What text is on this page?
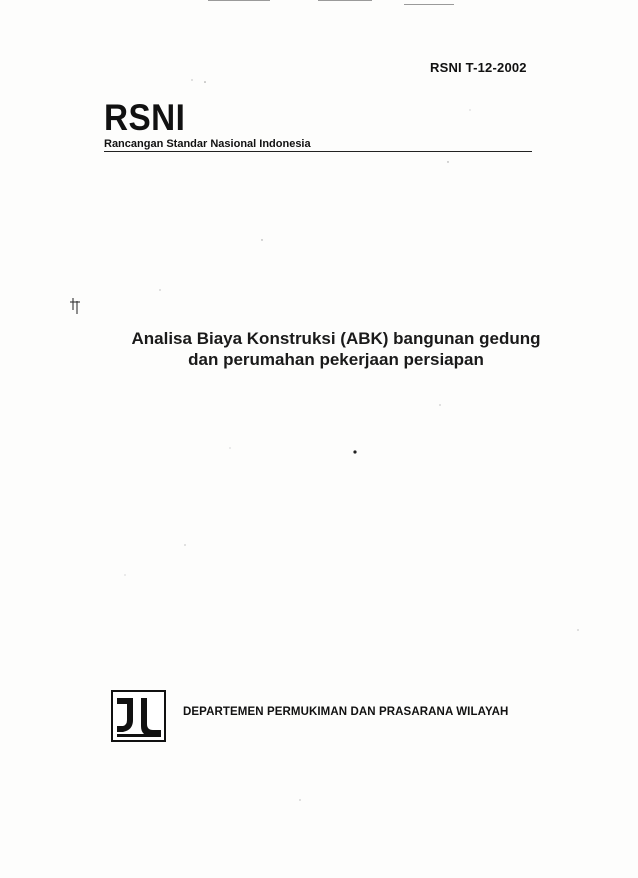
RSNI T-12-2002
RSNI
Rancangan Standar Nasional Indonesia
Analisa Biaya Konstruksi (ABK) bangunan gedung
dan perumahan pekerjaan persiapan
DEPARTEMEN PERMUKIMAN DAN PRASARANA WILAYAH
